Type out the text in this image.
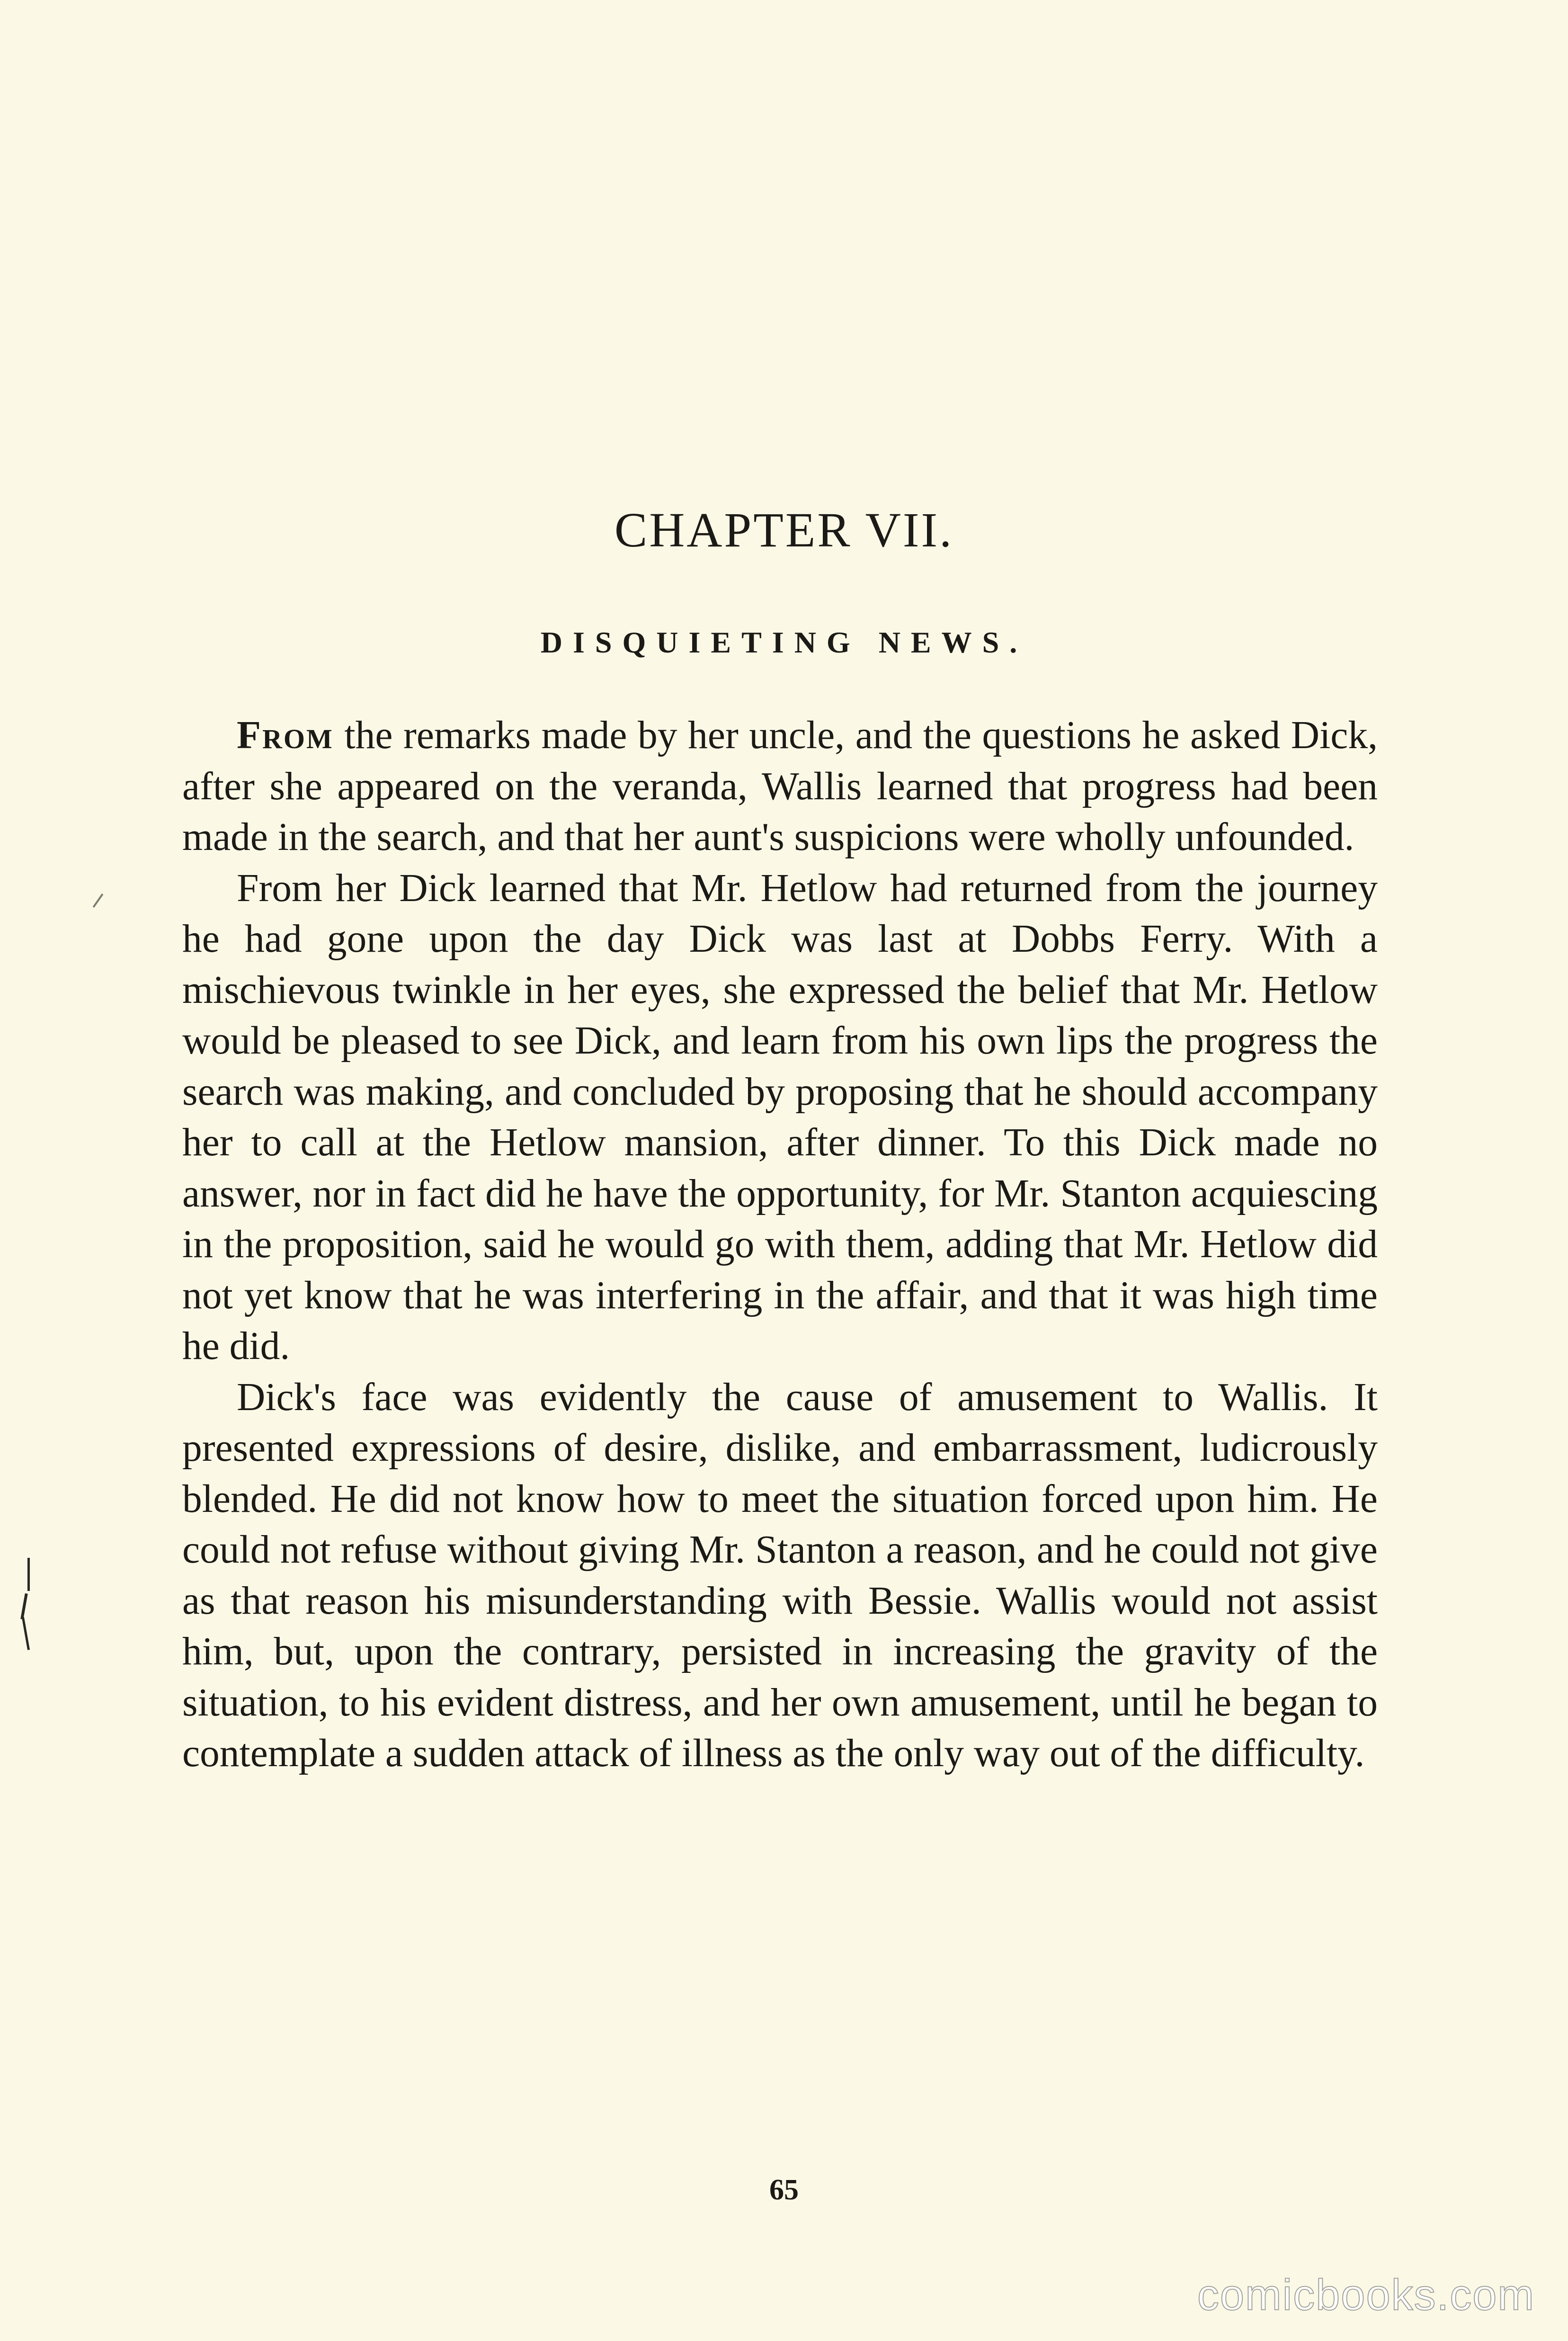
CHAPTER VII.
DISQUIETING NEWS.

From the remarks made by her uncle, and the questions he asked Dick, after she appeared on the veranda, Wallis learned that progress had been made in the search, and that her aunt's suspicions were wholly unfounded.

From her Dick learned that Mr. Hetlow had returned from the journey he had gone upon the day Dick was last at Dobbs Ferry. With a mischievous twinkle in her eyes, she expressed the belief that Mr. Hetlow would be pleased to see Dick, and learn from his own lips the progress the search was making, and concluded by proposing that he should accompany her to call at the Hetlow mansion, after dinner. To this Dick made no answer, nor in fact did he have the opportunity, for Mr. Stanton acquiescing in the proposition, said he would go with them, adding that Mr. Hetlow did not yet know that he was interfering in the affair, and that it was high time he did.

Dick's face was evidently the cause of amusement to Wallis. It presented expressions of desire, dislike, and embarrassment, ludicrously blended. He did not know how to meet the situation forced upon him. He could not refuse without giving Mr. Stanton a reason, and he could not give as that reason his misunderstanding with Bessie. Wallis would not assist him, but, upon the contrary, persisted in increasing the gravity of the situation, to his evident distress, and her own amusement, until he began to contemplate a sudden attack of illness as the only way out of the difficulty.

65
comicbooks.com
